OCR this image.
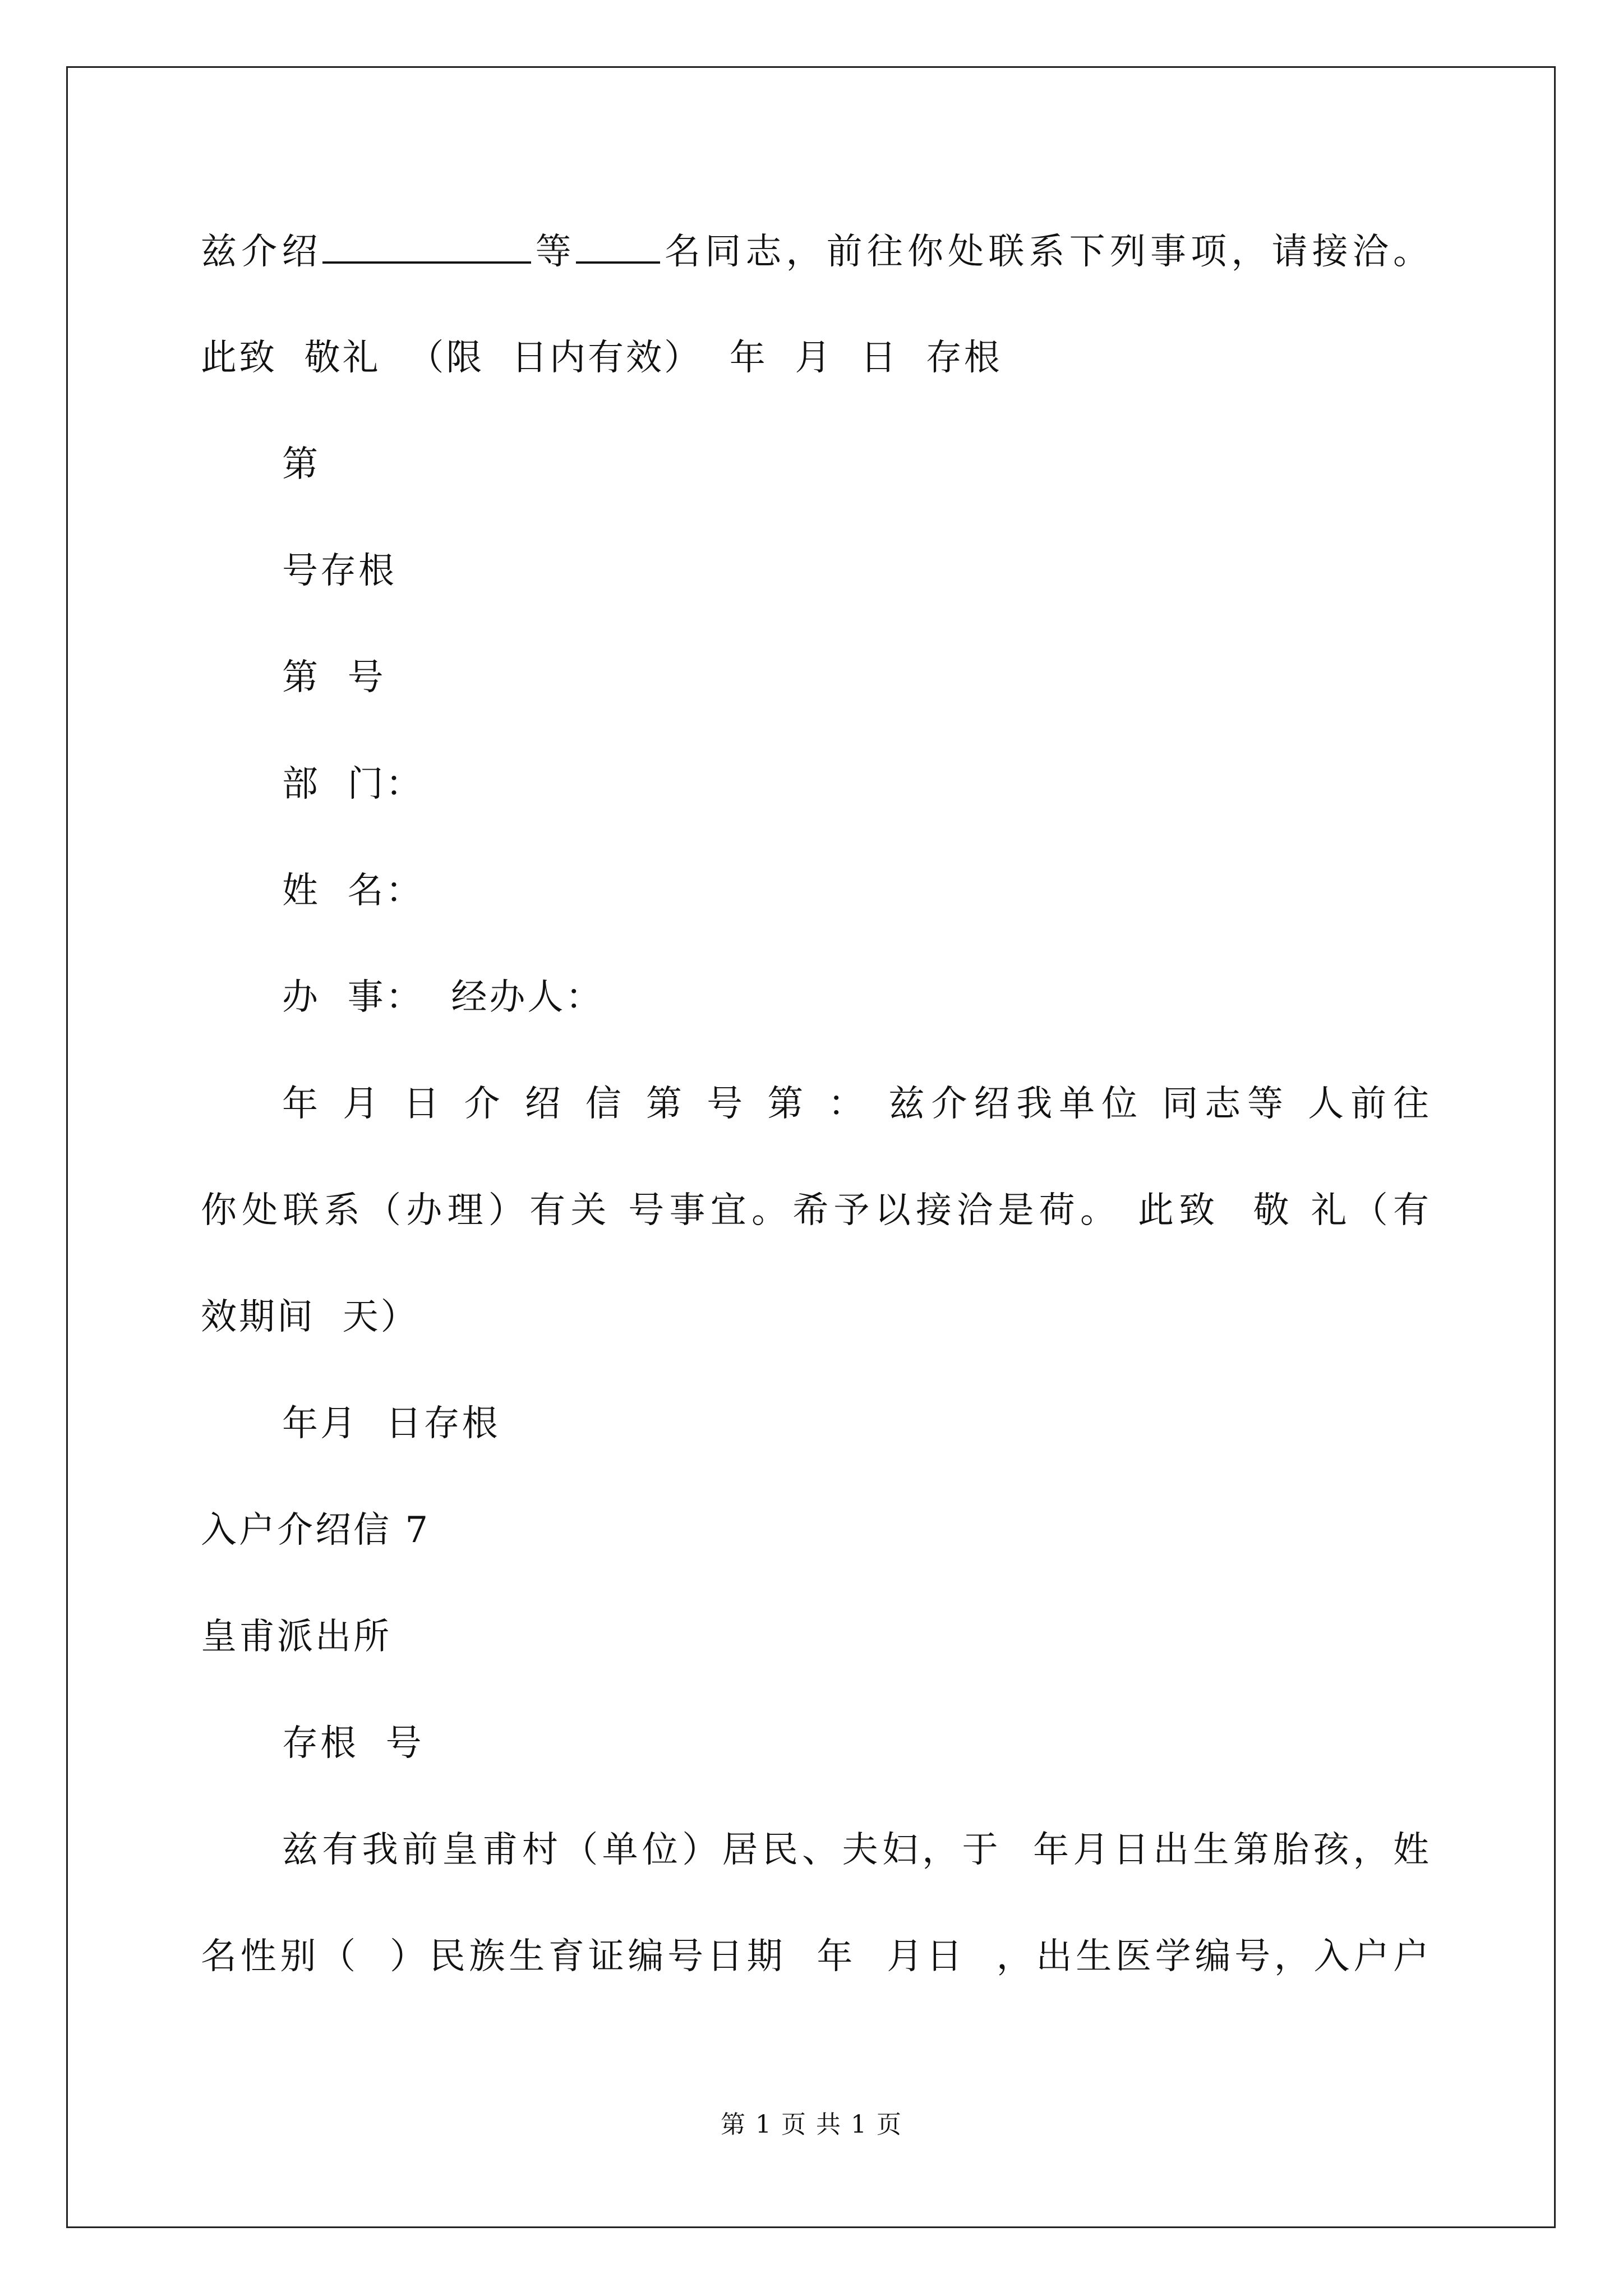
兹介绍	等 名同志，前往你处联系下列事项，请接洽。
此致  敬礼  （限  日内有效）  年  月  日  存根
第
号存根
第  号
部  门：
姓  名：
办  事：  经办人：
年 月 日 介 绍 信 第 号 第 ： 兹介绍我单位 同志等 人前往
你处联系（办理）有关 号事宜。希予以接洽是荷。 此致  敬 礼（有
效期间  天）
年月  日存根
入户介绍信 7
皇甫派出所
存根  号
兹有我前皇甫村（单位）居民、夫妇，于  年月日出生第胎孩，姓
名性别（  ）民族生育证编号日期  年  月日  ，出生医学编号，入户户
第 1 页 共 1 页
